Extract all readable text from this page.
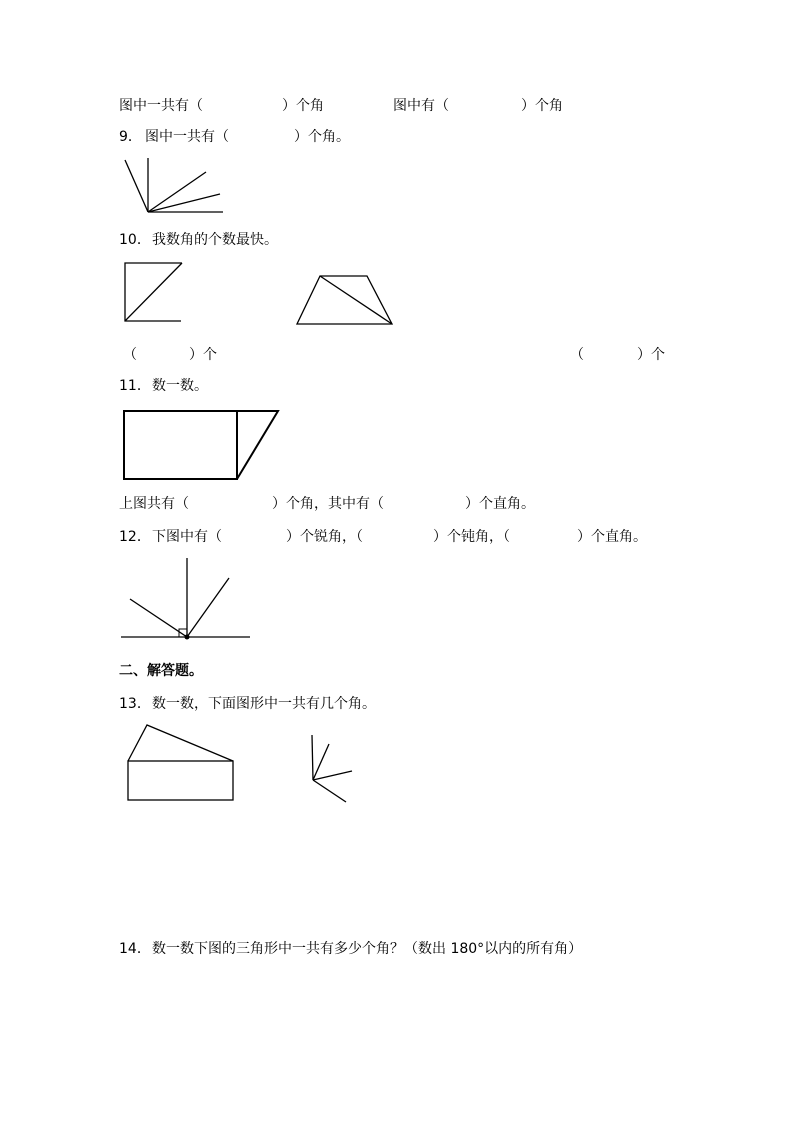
图中一共有（	）个角	图中有（	）个角
9． 图中一共有（	）个角。
10． 我数角的个数最快。
（	）个	（	）个
11． 数一数。
上图共有（	）个角，其中有（	）个直角。
12． 下图中有（	）个锐角，（	）个钝角，（	）个直角。
二、解答题。
13． 数一数，下面图形中一共有几个角。
14． 数一数下图的三角形中一共有多少个角？（数出 180°以内的所有角）
